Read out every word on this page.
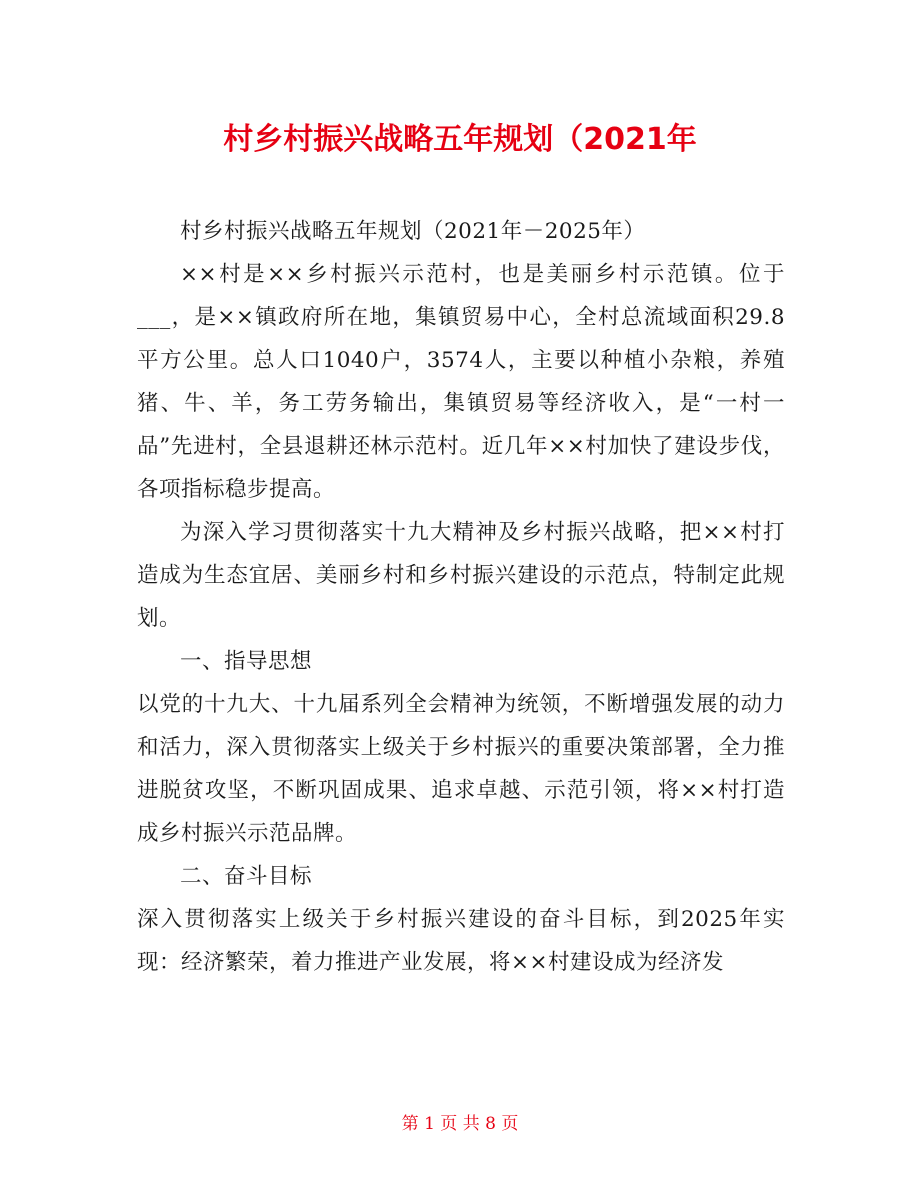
村乡村振兴战略五年规划（2021年

村乡村振兴战略五年规划（2021年－2025年）

××村是××乡村振兴示范村，也是美丽乡村示范镇。位于___，是××镇政府所在地，集镇贸易中心，全村总流域面积29.8平方公里。总人口1040户，3574人，主要以种植小杂粮，养殖猪、牛、羊，务工劳务输出，集镇贸易等经济收入，是“一村一品”先进村，全县退耕还林示范村。近几年××村加快了建设步伐，各项指标稳步提高。

为深入学习贯彻落实十九大精神及乡村振兴战略，把××村打造成为生态宜居、美丽乡村和乡村振兴建设的示范点，特制定此规划。

一、指导思想

以党的十九大、十九届系列全会精神为统领，不断增强发展的动力和活力，深入贯彻落实上级关于乡村振兴的重要决策部署，全力推进脱贫攻坚，不断巩固成果、追求卓越、示范引领，将××村打造成乡村振兴示范品牌。

二、奋斗目标

深入贯彻落实上级关于乡村振兴建设的奋斗目标，到2025年实现：经济繁荣，着力推进产业发展，将××村建设成为经济发

第 1 页 共 8 页
